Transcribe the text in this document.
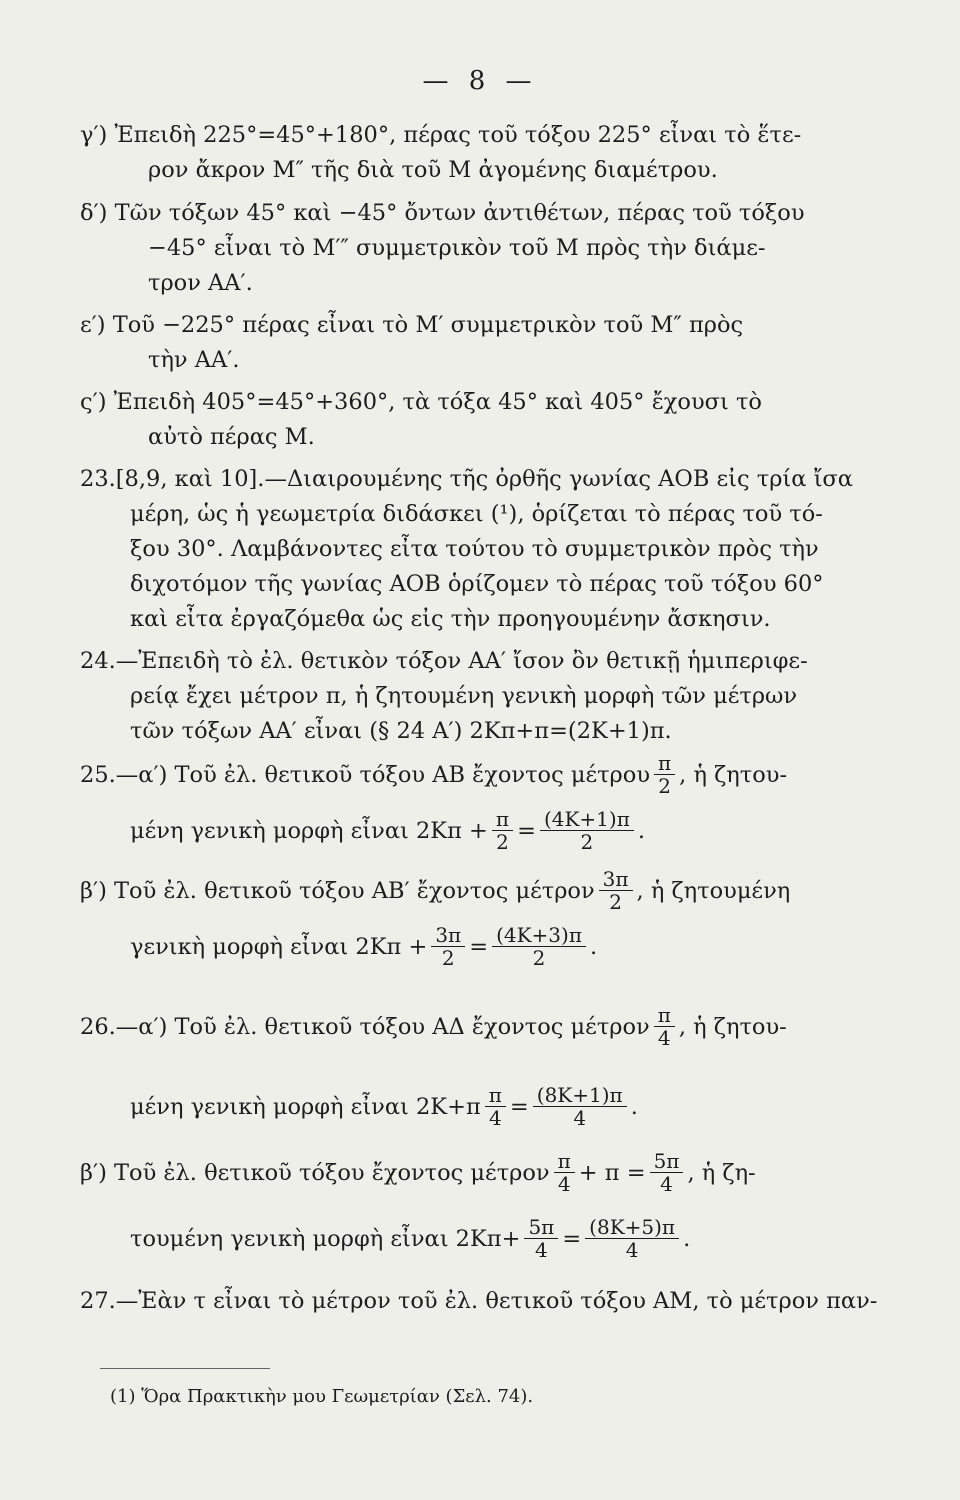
— 8 —
γ′) Ἐπειδὴ 225°=45°+180°, πέρας τοῦ τόξου 225° εἶναι τὸ ἕτε-
ρον ἄκρον Μ″ τῆς διὰ τοῦ Μ ἀγομένης διαμέτρου.
δ′) Τῶν τόξων 45° καὶ −45° ὄντων ἀντιθέτων, πέρας τοῦ τόξου
−45° εἶναι τὸ Μ′″ συμμετρικὸν τοῦ Μ πρὸς τὴν διάμε-
τρον ΑΑ′.
ε′) Τοῦ −225° πέρας εἶναι τὸ Μ′ συμμετρικὸν τοῦ Μ″ πρὸς
τὴν ΑΑ′.
ς′) Ἐπειδὴ 405°=45°+360°, τὰ τόξα 45° καὶ 405° ἔχουσι τὸ
αὐτὸ πέρας Μ.
23.[8,9, καὶ 10].—Διαιρουμένης τῆς ὀρθῆς γωνίας ΑΟΒ εἰς τρία ἴσα
μέρη, ὡς ἡ γεωμετρία διδάσκει (¹), ὁρίζεται τὸ πέρας τοῦ τό-
ξου 30°. Λαμβάνοντες εἶτα τούτου τὸ συμμετρικὸν πρὸς τὴν
διχοτόμον τῆς γωνίας ΑΟΒ ὁρίζομεν τὸ πέρας τοῦ τόξου 60°
καὶ εἶτα ἐργαζόμεθα ὡς εἰς τὴν προηγουμένην ἄσκησιν.
24.—Ἐπειδὴ τὸ ἐλ. θετικὸν τόξον ΑΑ′ ἴσον ὂν θετικῇ ἡμιπεριφε-
ρείᾳ ἔχει μέτρον π, ἡ ζητουμένη γενικὴ μορφὴ τῶν μέτρων
τῶν τόξων ΑΑ′ εἶναι (§ 24 Α′) 2Κπ+π=(2Κ+1)π.
25.—α′) Τοῦ ἐλ. θετικοῦ τόξου ΑΒ ἔχοντος μέτρου $\frac{\pi}{2}$ , ἡ ζητου-
μένη γενικὴ μορφὴ εἶναι $2K\pi + \frac{\pi}{2} = \frac{(4K+1)\pi}{2}$ .
β′) Τοῦ ἐλ. θετικοῦ τόξου ΑΒ′ ἔχοντος μέτρον $\frac{3\pi}{2}$ , ἡ ζητουμένη
γενικὴ μορφὴ εἶναι $2K\pi + \frac{3\pi}{2} = \frac{(4K+3)\pi}{2}$ .
26.—α′) Τοῦ ἐλ. θετικοῦ τόξου ΑΔ ἔχοντος μέτρον $\frac{\pi}{4}$ , ἡ ζητου-
μένη γενικὴ μορφὴ εἶναι $2K+\pi \frac{\pi}{4} = \frac{(8K+1)\pi}{4}$ .
β′) Τοῦ ἐλ. θετικοῦ τόξου ἔχοντος μέτρον $\frac{\pi}{4} + \pi = \frac{5\pi}{4}$ , ἡ ζη-
τουμένη γενικὴ μορφὴ εἶναι $2K\pi+ \frac{5\pi}{4} = \frac{(8K+5)\pi}{4}$ .
27.—Ἐὰν τ εἶναι τὸ μέτρον τοῦ ἐλ. θετικοῦ τόξου ΑΜ, τὸ μέτρον παν-
(1) Ὅρα Πρακτικὴν μου Γεωμετρίαν (Σελ. 74).
